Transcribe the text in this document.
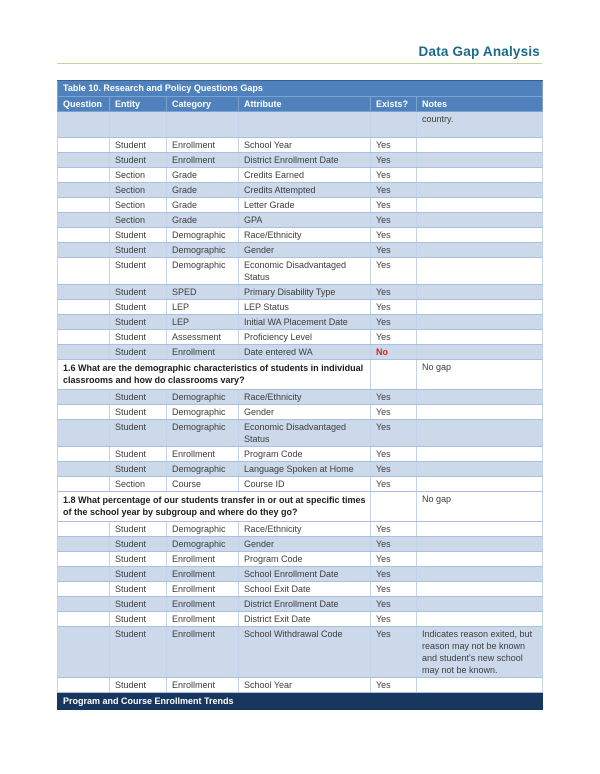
Data Gap Analysis
Table 10. Research and Policy Questions Gaps					
Question	Entity	Category	Attribute	Exists?	Notes
					country.
	Student	Enrollment	School Year	Yes	
	Student	Enrollment	District Enrollment Date	Yes	
	Section	Grade	Credits Earned	Yes	
	Section	Grade	Credits Attempted	Yes	
	Section	Grade	Letter Grade	Yes	
	Section	Grade	GPA	Yes	
	Student	Demographic	Race/Ethnicity	Yes	
	Student	Demographic	Gender	Yes	
	Student	Demographic	Economic Disadvantaged Status	Yes	
	Student	SPED	Primary Disability Type	Yes	
	Student	LEP	LEP Status	Yes	
	Student	LEP	Initial WA Placement Date	Yes	
	Student	Assessment	Proficiency Level	Yes	
	Student	Enrollment	Date entered WA	No	
1.6 What are the demographic characteristics of students in individual classrooms and how do classrooms vary?					No gap
	Student	Demographic	Race/Ethnicity	Yes	
	Student	Demographic	Gender	Yes	
	Student	Demographic	Economic Disadvantaged Status	Yes	
	Student	Enrollment	Program Code	Yes	
	Student	Demographic	Language Spoken at Home	Yes	
	Section	Course	Course ID	Yes	
1.8 What percentage of our students transfer in or out at specific times of the school year by subgroup and where do they go?					No gap
	Student	Demographic	Race/Ethnicity	Yes	
	Student	Demographic	Gender	Yes	
	Student	Enrollment	Program Code	Yes	
	Student	Enrollment	School Enrollment Date	Yes	
	Student	Enrollment	School Exit Date	Yes	
	Student	Enrollment	District Enrollment Date	Yes	
	Student	Enrollment	District Exit Date	Yes	
	Student	Enrollment	School Withdrawal Code	Yes	Indicates reason exited, but reason may not be known and student's new school may not be known.
	Student	Enrollment	School Year	Yes	
Program and Course Enrollment Trends					
